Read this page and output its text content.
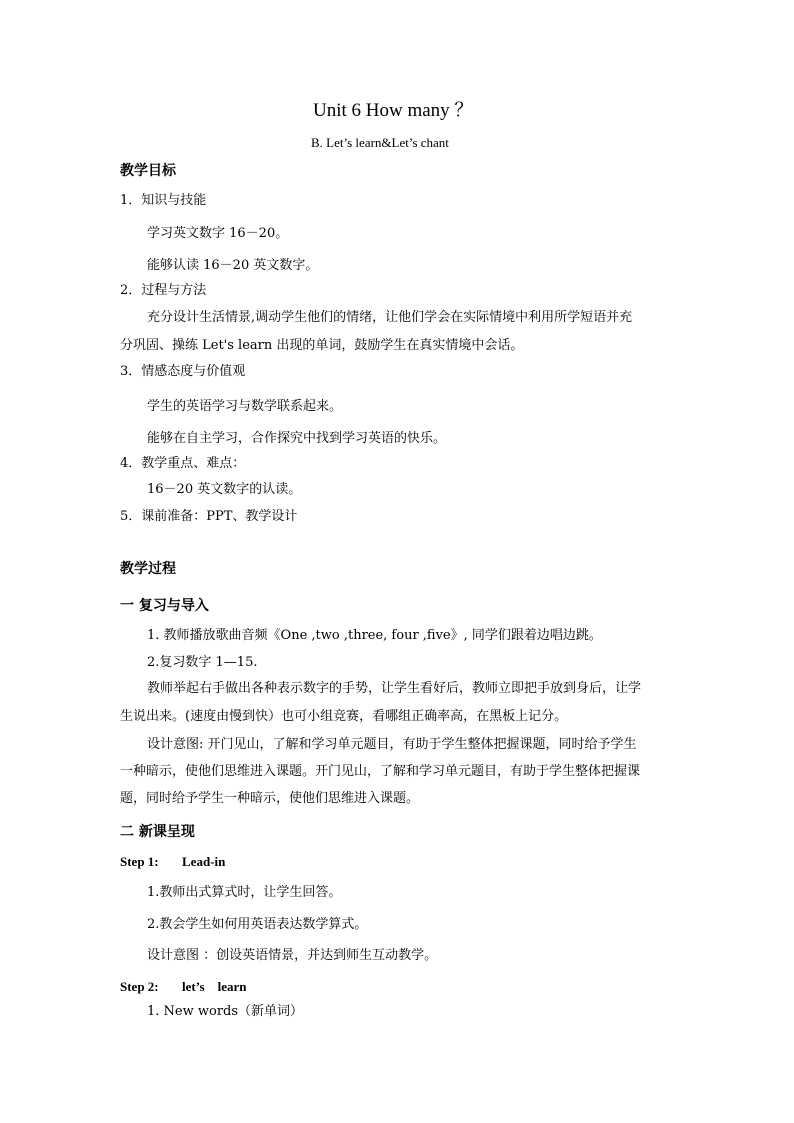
Unit 6 How many ？
B. Let’s learn&Let’s chant
教学目标
1．知识与技能
学习英文数字 16－20。
能够认读 16－20 英文数字。
2．过程与方法
充分设计生活情景,调动学生他们的情绪，让他们学会在实际情境中利用所学短语并充
分巩固、操练 Let's learn 出现的单词，鼓励学生在真实情境中会话。
3．情感态度与价值观
学生的英语学习与数学联系起来。
能够在自主学习，合作探究中找到学习英语的快乐。
4．教学重点、难点：
16－20 英文数字的认读。
5．课前准备：PPT、教学设计
教学过程
一 复习与导入
1. 教师播放歌曲音频《One ,two ,three, four ,five》, 同学们跟着边唱边跳。
2.复习数字 1—15.
教师举起右手做出各种表示数字的手势，让学生看好后，教师立即把手放到身后，让学
生说出来。(速度由慢到快）也可小组竞赛，看哪组正确率高，在黑板上记分。
设计意图: 开门见山，了解和学习单元题目，有助于学生整体把握课题，同时给予学生
一种暗示，使他们思维进入课题。开门见山，了解和学习单元题目，有助于学生整体把握课
题，同时给予学生一种暗示，使他们思维进入课题。
二 新课呈现
Step 1: Lead-in
1.教师出式算式时，让学生回答。
2.教会学生如何用英语表达数学算式。
设计意图 ：创设英语情景，并达到师生互动教学。
Step 2: let’s    learn
1. New words（新单词）
